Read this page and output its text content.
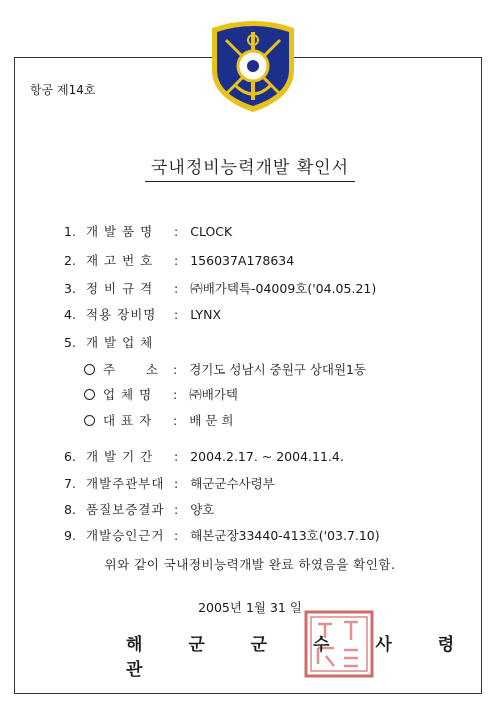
항공 제14호
국내정비능력개발 확인서
1. 개 발 품 명 : CLOCK
2. 재 고 번 호 : 156037A178634
3. 정 비 규 격 : ㈜배가텍특-04009호('04.05.21)
4. 적용 장비명 : LYNX
5. 개 발 업 체
주      소 : 경기도 성남시 중원구 상대원1동
업 체 명 : ㈜배가텍
대 표 자 : 배 문 희
6. 개 발 기 간 : 2004.2.17. ~ 2004.11.4.
7. 개발주관부대 : 해군군수사령부
8. 품질보증결과 : 양호
9. 개발승인근거 : 해본군장33440-413호('03.7.10)
위와 같이 국내정비능력개발 완료 하였음을 확인함.
2005년 1월 31 일
해 군 군 수 사 령 관
